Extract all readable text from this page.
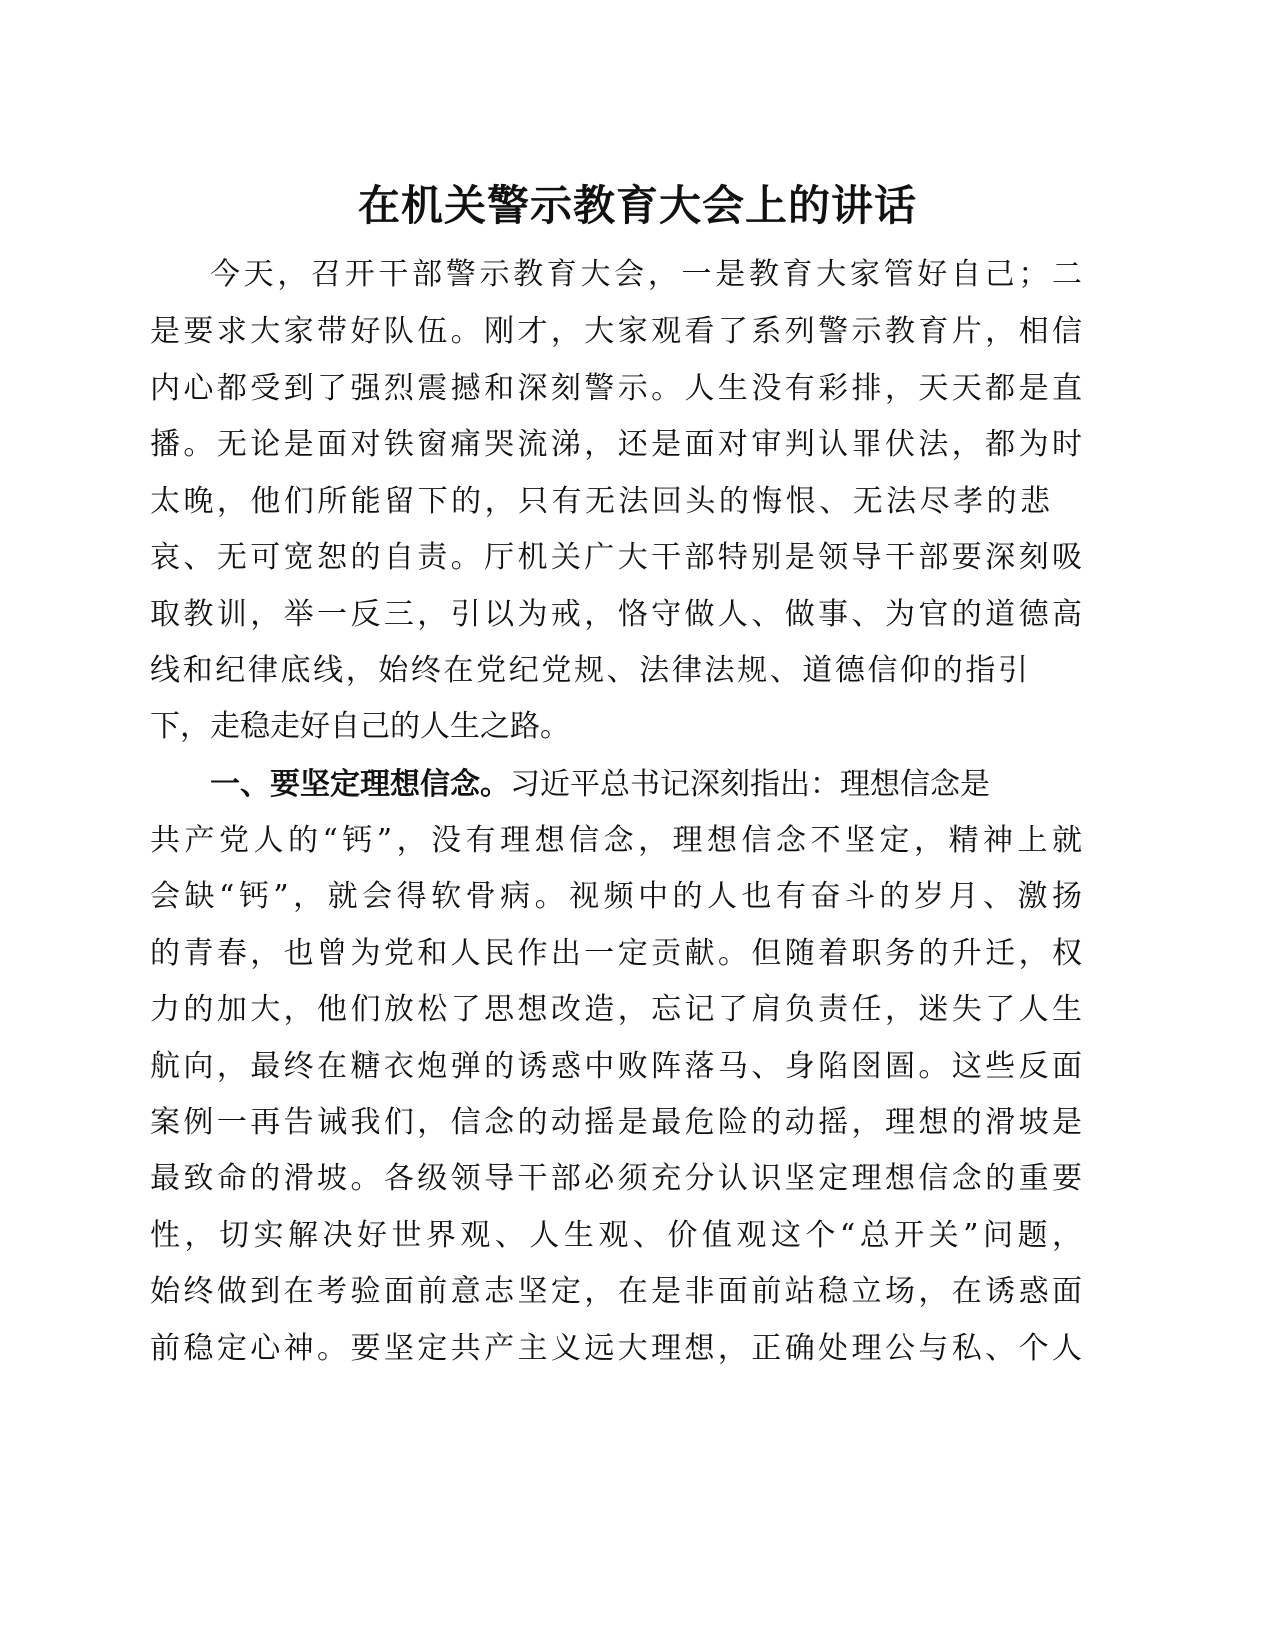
在机关警示教育大会上的讲话
今天，召开干部警示教育大会，一是教育大家管好自己；二
是要求大家带好队伍。刚才，大家观看了系列警示教育片，相信
内心都受到了强烈震撼和深刻警示。人生没有彩排，天天都是直
播。无论是面对铁窗痛哭流涕，还是面对审判认罪伏法，都为时
太晚，他们所能留下的，只有无法回头的悔恨、无法尽孝的悲
哀、无可宽恕的自责。厅机关广大干部特别是领导干部要深刻吸
取教训，举一反三，引以为戒，恪守做人、做事、为官的道德高
线和纪律底线，始终在党纪党规、法律法规、道德信仰的指引
下，走稳走好自己的人生之路。
一、要坚定理想信念。习近平总书记深刻指出：理想信念是
共产党人的“钙”，没有理想信念，理想信念不坚定，精神上就
会缺“钙”，就会得软骨病。视频中的人也有奋斗的岁月、激扬
的青春，也曾为党和人民作出一定贡献。但随着职务的升迁，权
力的加大，他们放松了思想改造，忘记了肩负责任，迷失了人生
航向，最终在糖衣炮弹的诱惑中败阵落马、身陷囹圄。这些反面
案例一再告诫我们，信念的动摇是最危险的动摇，理想的滑坡是
最致命的滑坡。各级领导干部必须充分认识坚定理想信念的重要
性，切实解决好世界观、人生观、价值观这个“总开关”问题，
始终做到在考验面前意志坚定，在是非面前站稳立场，在诱惑面
前稳定心神。要坚定共产主义远大理想，正确处理公与私、个人
